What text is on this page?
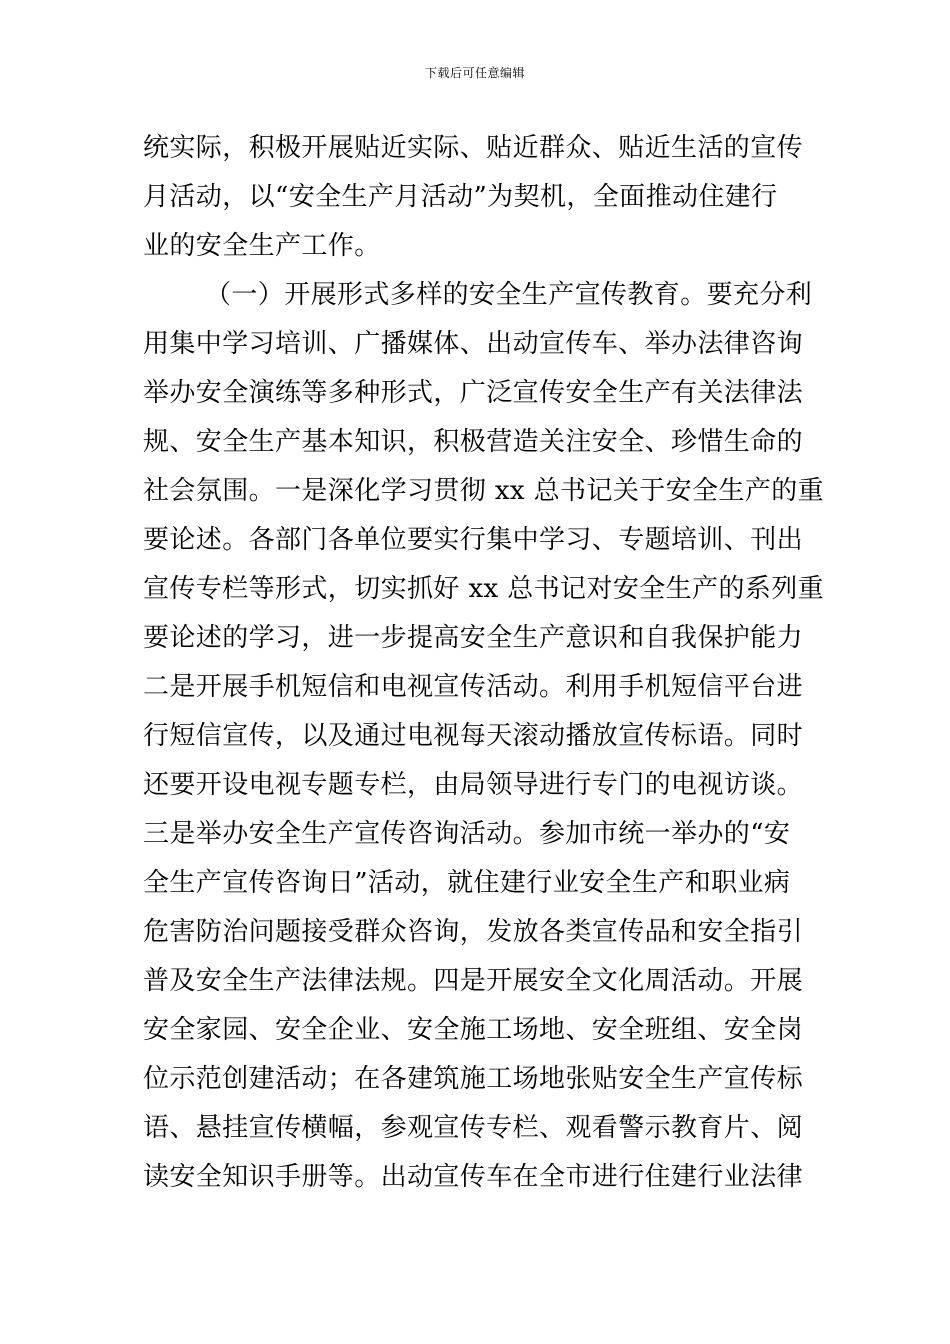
下载后可任意编辑
统实际，积极开展贴近实际、贴近群众、贴近生活的宣传
月活动，以“安全生产月活动”为契机，全面推动住建行
业的安全生产工作。
（一）开展形式多样的安全生产宣传教育。要充分利
用集中学习培训、广播媒体、出动宣传车、举办法律咨询
举办安全演练等多种形式，广泛宣传安全生产有关法律法
规、安全生产基本知识，积极营造关注安全、珍惜生命的
社会氛围。一是深化学习贯彻 xx 总书记关于安全生产的重
要论述。各部门各单位要实行集中学习、专题培训、刊出
宣传专栏等形式，切实抓好 xx 总书记对安全生产的系列重
要论述的学习，进一步提高安全生产意识和自我保护能力
二是开展手机短信和电视宣传活动。利用手机短信平台进
行短信宣传，以及通过电视每天滚动播放宣传标语。同时
还要开设电视专题专栏，由局领导进行专门的电视访谈。
三是举办安全生产宣传咨询活动。参加市统一举办的“安
全生产宣传咨询日”活动，就住建行业安全生产和职业病
危害防治问题接受群众咨询，发放各类宣传品和安全指引
普及安全生产法律法规。四是开展安全文化周活动。开展
安全家园、安全企业、安全施工场地、安全班组、安全岗
位示范创建活动；在各建筑施工场地张贴安全生产宣传标
语、悬挂宣传横幅，参观宣传专栏、观看警示教育片、阅
读安全知识手册等。出动宣传车在全市进行住建行业法律
